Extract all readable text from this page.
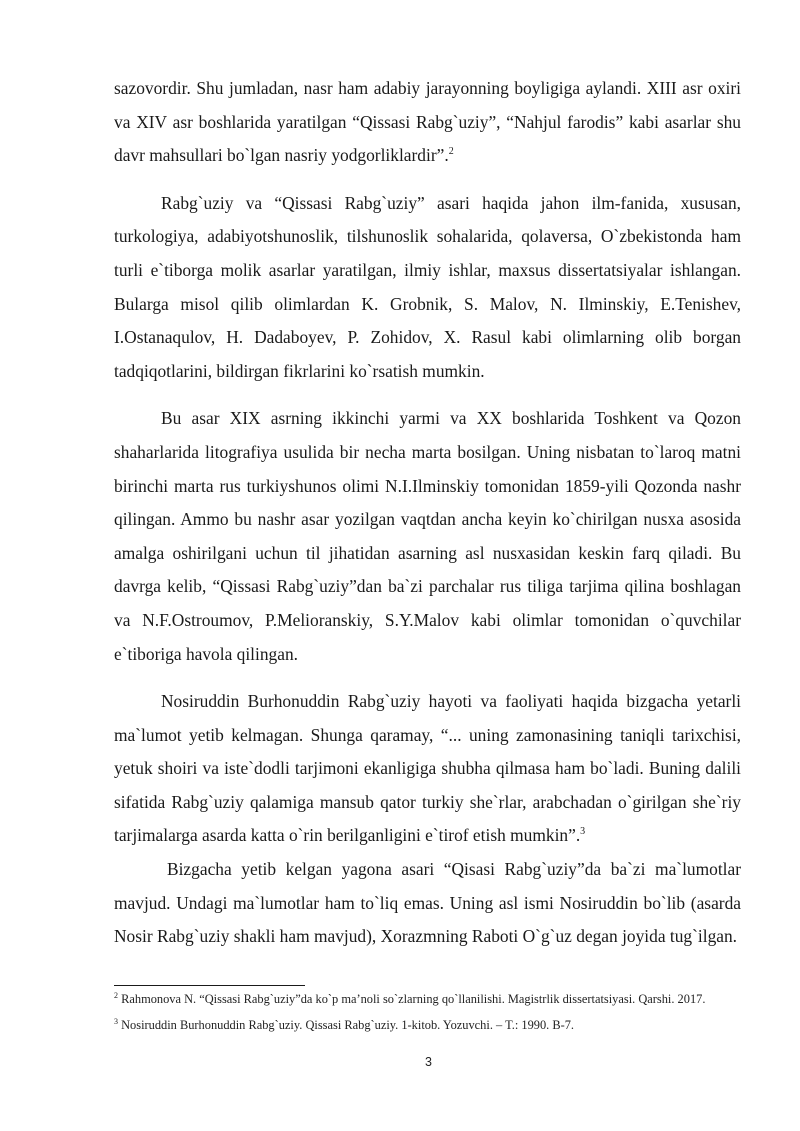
sazovordir. Shu jumladan, nasr ham adabiy jarayonning boyligiga aylandi. XIII asr oxiri va XIV asr boshlarida yaratilgan “Qissasi Rabg`uziy”, “Nahjul farodis” kabi asarlar shu davr mahsullari bo`lgan nasriy yodgorliklardir”.$^2$

Rabg`uziy va “Qissasi Rabg`uziy” asari haqida jahon ilm-fanida, xususan, turkologiya, adabiyotshunoslik, tilshunoslik sohalarida, qolaversa, O`zbekistonda ham turli e`tiborga molik asarlar yaratilgan, ilmiy ishlar, maxsus dissertatsiyalar ishlangan. Bularga misol qilib olimlardan K. Grobnik, S. Malov, N. Ilminskiy, E.Tenishev, I.Ostanaqulov, H. Dadaboyev, P. Zohidov, X. Rasul kabi olimlarning olib borgan tadqiqotlarini, bildirgan fikrlarini ko`rsatish mumkin.

Bu asar XIX asrning ikkinchi yarmi va XX boshlarida Toshkent va Qozon shaharlarida litografiya usulida bir necha marta bosilgan. Uning nisbatan to`laroq matni birinchi marta rus turkiyshunos olimi N.I.Ilminskiy tomonidan 1859-yili Qozonda nashr qilingan. Ammo bu nashr asar yozilgan vaqtdan ancha keyin ko`chirilgan nusxa asosida amalga oshirilgani uchun til jihatidan asarning asl nusxasidan keskin farq qiladi. Bu davrga kelib, “Qissasi Rabg`uziy”dan ba`zi parchalar rus tiliga tarjima qilina boshlagan va N.F.Ostroumov, P.Melioranskiy, S.Y.Malov kabi olimlar tomonidan o`quvchilar e`tiboriga havola qilingan.

Nosiruddin Burhonuddin Rabg`uziy hayoti va faoliyati haqida bizgacha yetarli ma`lumot yetib kelmagan. Shunga qaramay, “... uning zamonasining taniqli tarixchisi, yetuk shoiri va iste`dodli tarjimoni ekanligiga shubha qilmasa ham bo`ladi. Buning dalili sifatida Rabg`uziy qalamiga mansub qator turkiy she`rlar, arabchadan o`girilgan she`riy tarjimalarga asarda katta o`rin berilganligini e`tirof etish mumkin”.$^3$

Bizgacha yetib kelgan yagona asari “Qisasi Rabg`uziy”da ba`zi ma`lumotlar mavjud. Undagi ma`lumotlar ham to`liq emas. Uning asl ismi Nosiruddin bo`lib (asarda Nosir Rabg`uziy shakli ham mavjud), Xorazmning Raboti O`g`uz degan joyida tug`ilgan.

$^2$ Rahmonova N. “Qissasi Rabg`uziy”da ko`p ma’noli so`zlarning qo`llanilishi. Magistrlik dissertatsiyasi. Qarshi. 2017.

$^3$ Nosiruddin Burhonuddin Rabg`uziy. Qissasi Rabg`uziy. 1-kitob. Yozuvchi. – T.: 1990. B-7.

3
